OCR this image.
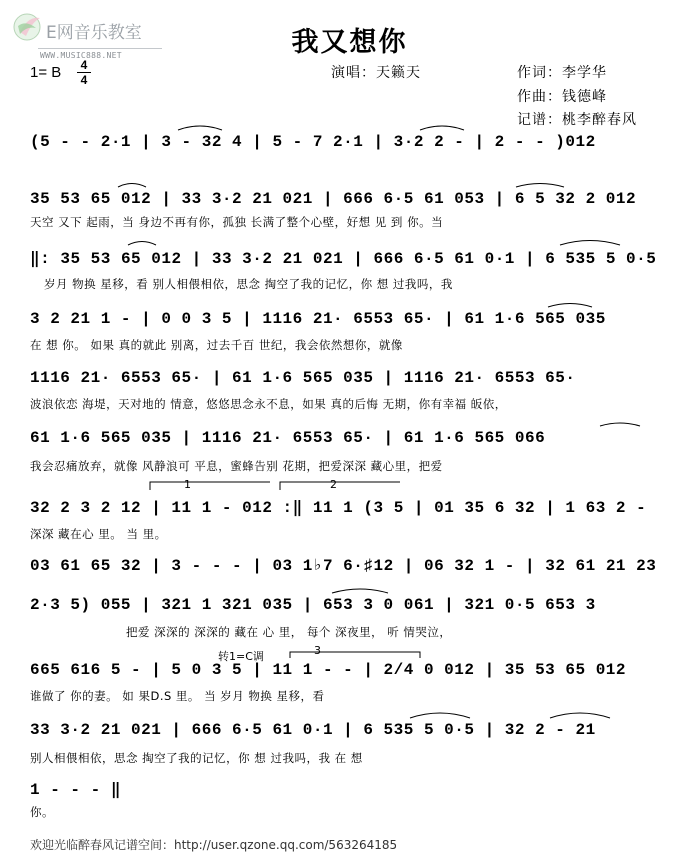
E网音乐教室
WWW.MUSIC888.NET	我又想你
1= B	4
4	演唱：天籁天	作词：李学华
作曲：钱德峰
记谱：桃李醉春风
(5 - - 2·1 | 3 - 32 4 | 5 - 7 2·1 | 3·2 2 - | 2 - - )012
35 53 65 012 | 33 3·2 21 021 | 666 6·5 61 053 | 6 5 32 2 012
天空 又下 起雨，当 身边不再有你，孤独 长满了整个心壁，好想 见 到 你。当
‖: 35 53 65 012 | 33 3·2 21 021 | 666 6·5 61 0·1 | 6 535 5 0·5
岁月 物换 星移，看 别人相偎相依，思念 掏空了我的记忆，你 想 过我吗，我
3 2 21 1 - | 0 0 3 5 | 1116 21· 6553 65· | 61 1·6 565 035
在 想 你。 如果 真的就此 别离，过去千百 世纪，我会依然想你，就像
1116 21· 6553 65· | 61 1·6 565 035 | 1116 21· 6553 65·
波浪依恋 海堤，天对地的 情意，悠悠思念永不息，如果 真的后悔 无期，你有幸福 皈依，
61 1·6 565 035 | 1116 21· 6553 65· | 61 1·6 565 066
我会忍痛放弃，就像 风静浪可 平息，蜜蜂告别 花期，把爱深深 藏心里，把爱
1	2
32 2 3 2 12 | 11 1 - 012 :‖ 11 1 (3 5 | 01 35 6 32 | 1 63 2 -
深深 藏在心 里。 当 里。
03 61 65 32 | 3 - - - | 03 1♭7 6·♯12 | 06 32 1 - | 32 61 21 23
2·3 5) 055 | 321 1 321 035 | 653 3 0 061 | 321 0·5 653 3
把爱 深深的 深深的 藏在 心 里， 每个 深夜里， 听 情哭泣，
转1=C调	3
665 616 5 - | 5 0 3 5 | 11 1 - - | 2/4 0 012 | 35 53 65 012
谁做了 你的妻。 如 果D.S 里。 当 岁月 物换 星移，看
33 3·2 21 021 | 666 6·5 61 0·1 | 6 535 5 0·5 | 32 2 - 21
别人相偎相依，思念 掏空了我的记忆，你 想 过我吗，我 在 想
1 - - - ‖
你。
欢迎光临醉春风记谱空间：http://user.qzone.qq.com/563264185
